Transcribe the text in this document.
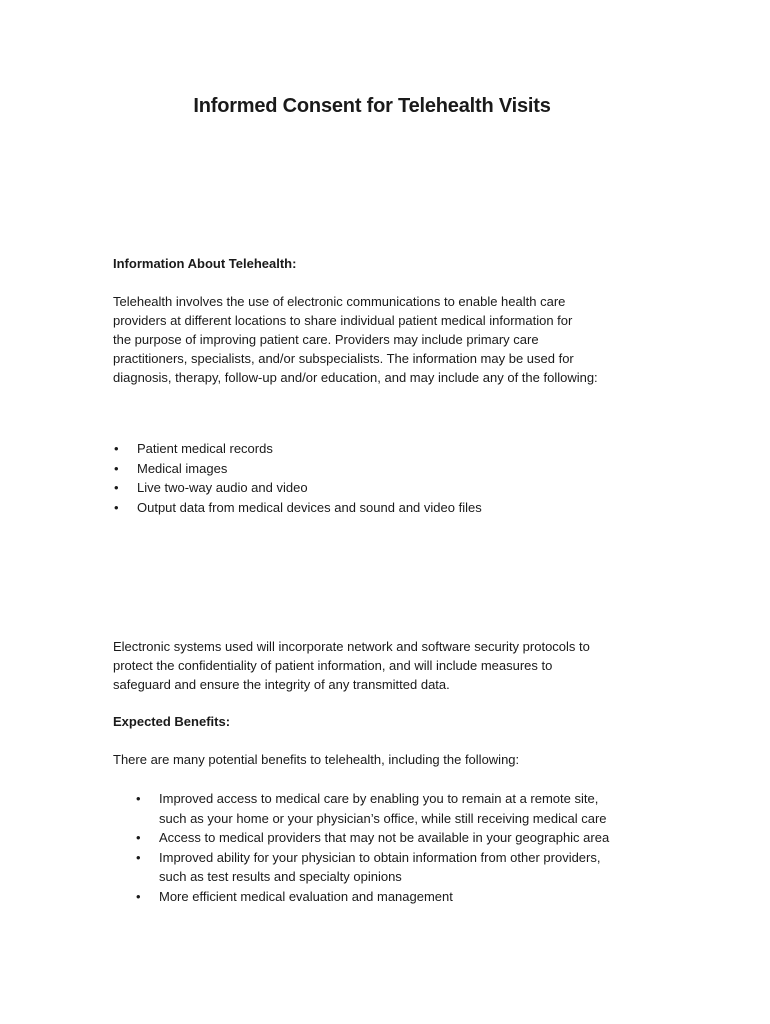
Informed Consent for Telehealth Visits
Information About Telehealth:
Telehealth involves the use of electronic communications to enable health care
providers at different locations to share individual patient medical information for
the purpose of improving patient care. Providers may include primary care
practitioners, specialists, and/or subspecialists. The information may be used for
diagnosis, therapy, follow-up and/or education, and may include any of the following:
• Patient medical records
• Medical images
• Live two-way audio and video
• Output data from medical devices and sound and video files
Electronic systems used will incorporate network and software security protocols to
protect the confidentiality of patient information, and will include measures to
safeguard and ensure the integrity of any transmitted data.
Expected Benefits:
There are many potential benefits to telehealth, including the following:
• Improved access to medical care by enabling you to remain at a remote site,
such as your home or your physician’s office, while still receiving medical care
• Access to medical providers that may not be available in your geographic area
• Improved ability for your physician to obtain information from other providers,
such as test results and specialty opinions
• More efficient medical evaluation and management
